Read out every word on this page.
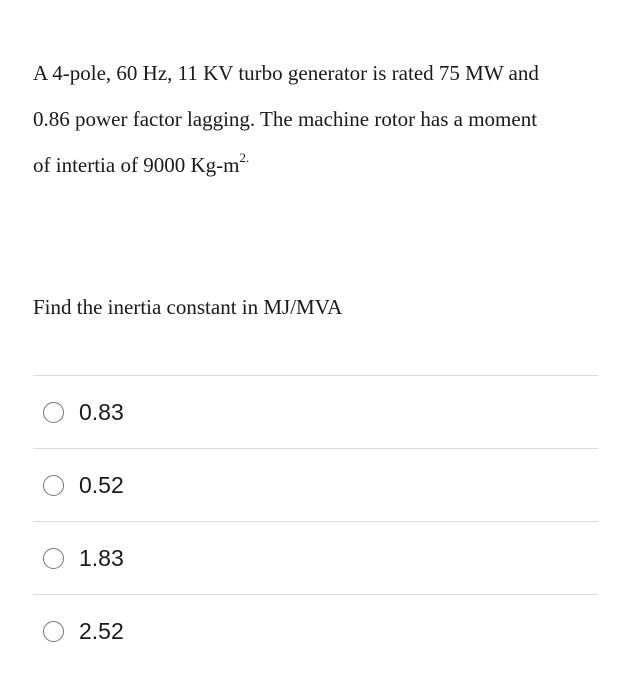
A 4-pole, 60 Hz, 11 KV turbo generator is rated 75 MW and
0.86 power factor lagging. The machine rotor has a moment
of intertia of 9000 $Kg-m^{2.}$

Find the inertia constant in MJ/MVA

0.83
0.52
1.83
2.52
